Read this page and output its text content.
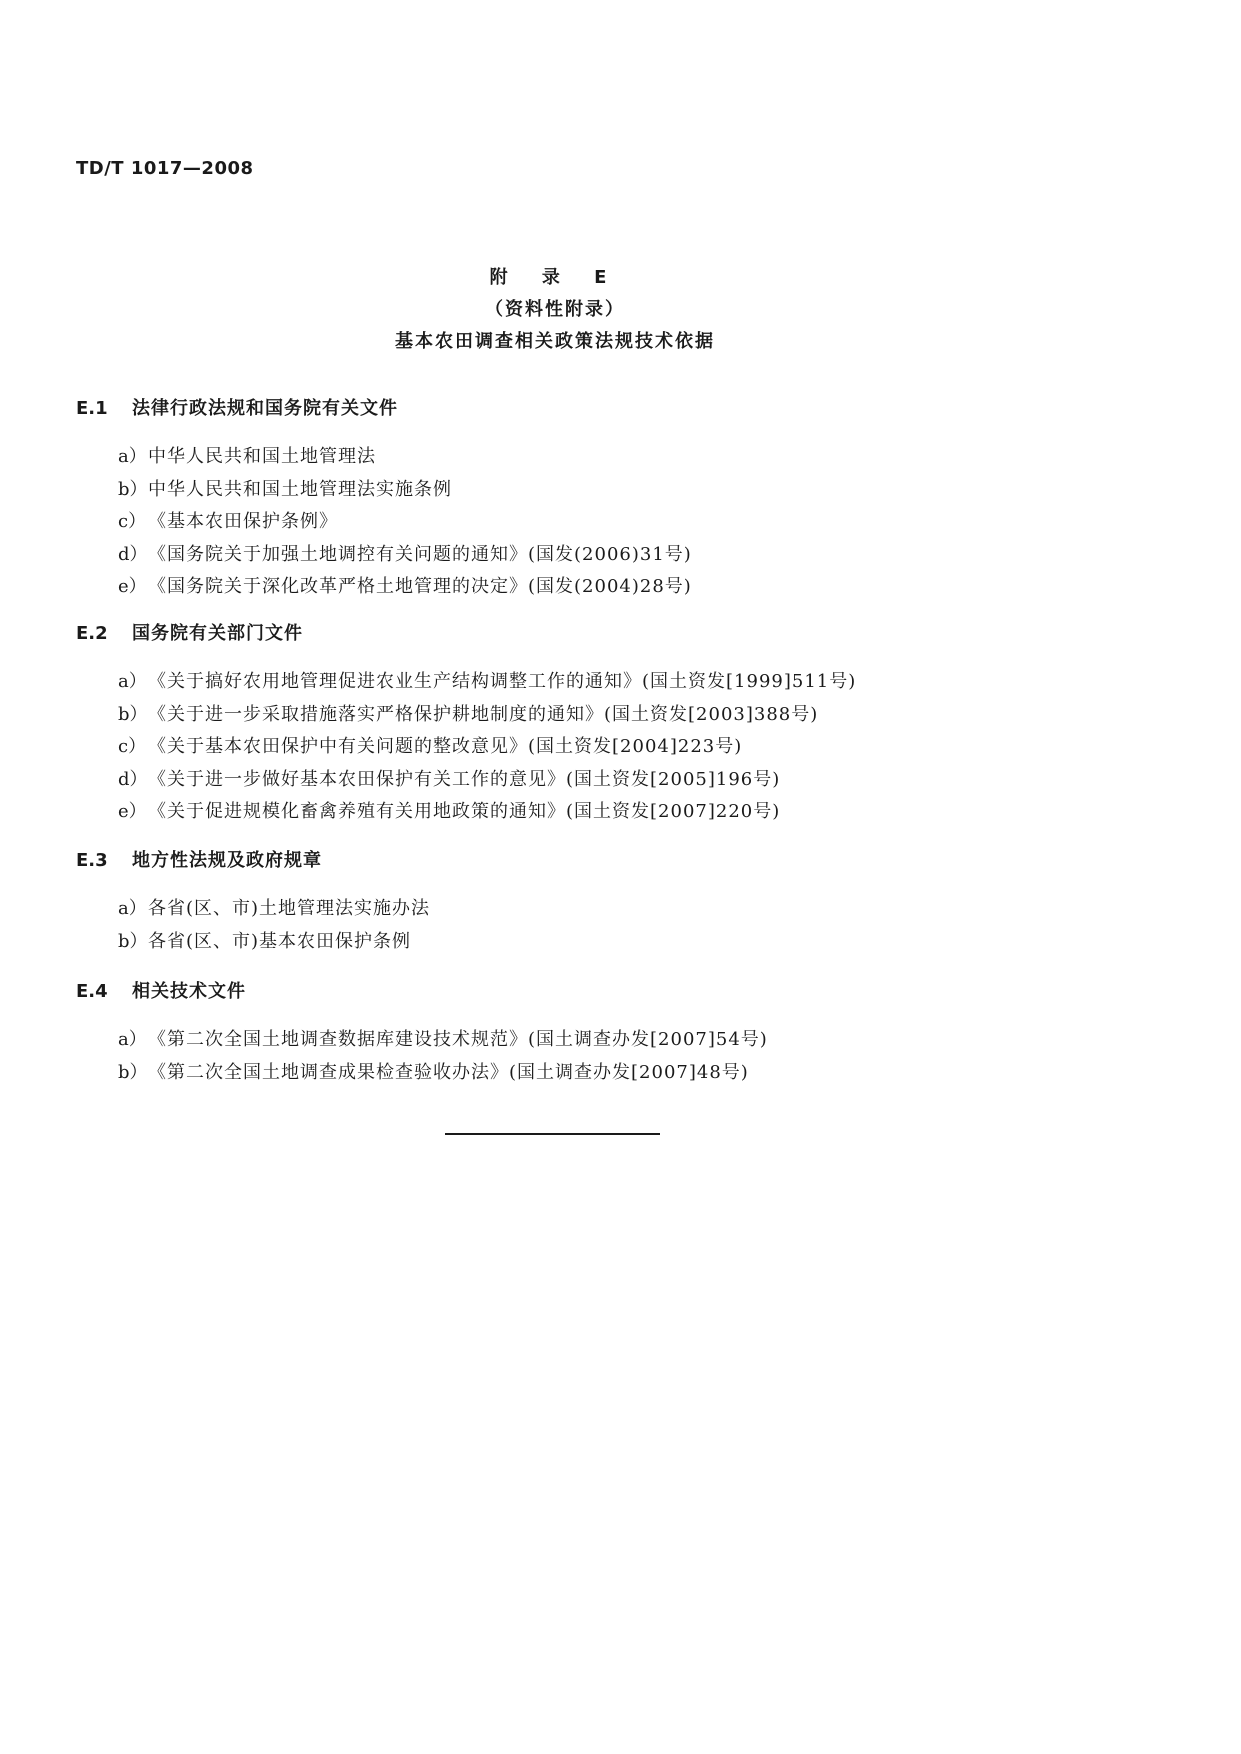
TD/T 1017—2008
附 录 E
（资料性附录）
基本农田调查相关政策法规技术依据
E.1 法律行政法规和国务院有关文件
a）中华人民共和国土地管理法
b）中华人民共和国土地管理法实施条例
c） 《基本农田保护条例》
d）《国务院关于加强土地调控有关问题的通知》(国发(2006)31号)
e）《国务院关于深化改革严格土地管理的决定》(国发(2004)28号)
E.2 国务院有关部门文件
a）《关于搞好农用地管理促进农业生产结构调整工作的通知》(国土资发[1999]511号)
b）《关于进一步采取措施落实严格保护耕地制度的通知》(国土资发[2003]388号)
c） 《关于基本农田保护中有关问题的整改意见》(国土资发[2004]223号)
d）《关于进一步做好基本农田保护有关工作的意见》(国土资发[2005]196号)
e）《关于促进规模化畜禽养殖有关用地政策的通知》(国土资发[2007]220号)
E.3 地方性法规及政府规章
a）各省(区、市)土地管理法实施办法
b）各省(区、市)基本农田保护条例
E.4 相关技术文件
a）《第二次全国土地调查数据库建设技术规范》(国土调查办发[2007]54号)
b）《第二次全国土地调查成果检查验收办法》(国土调查办发[2007]48号)
